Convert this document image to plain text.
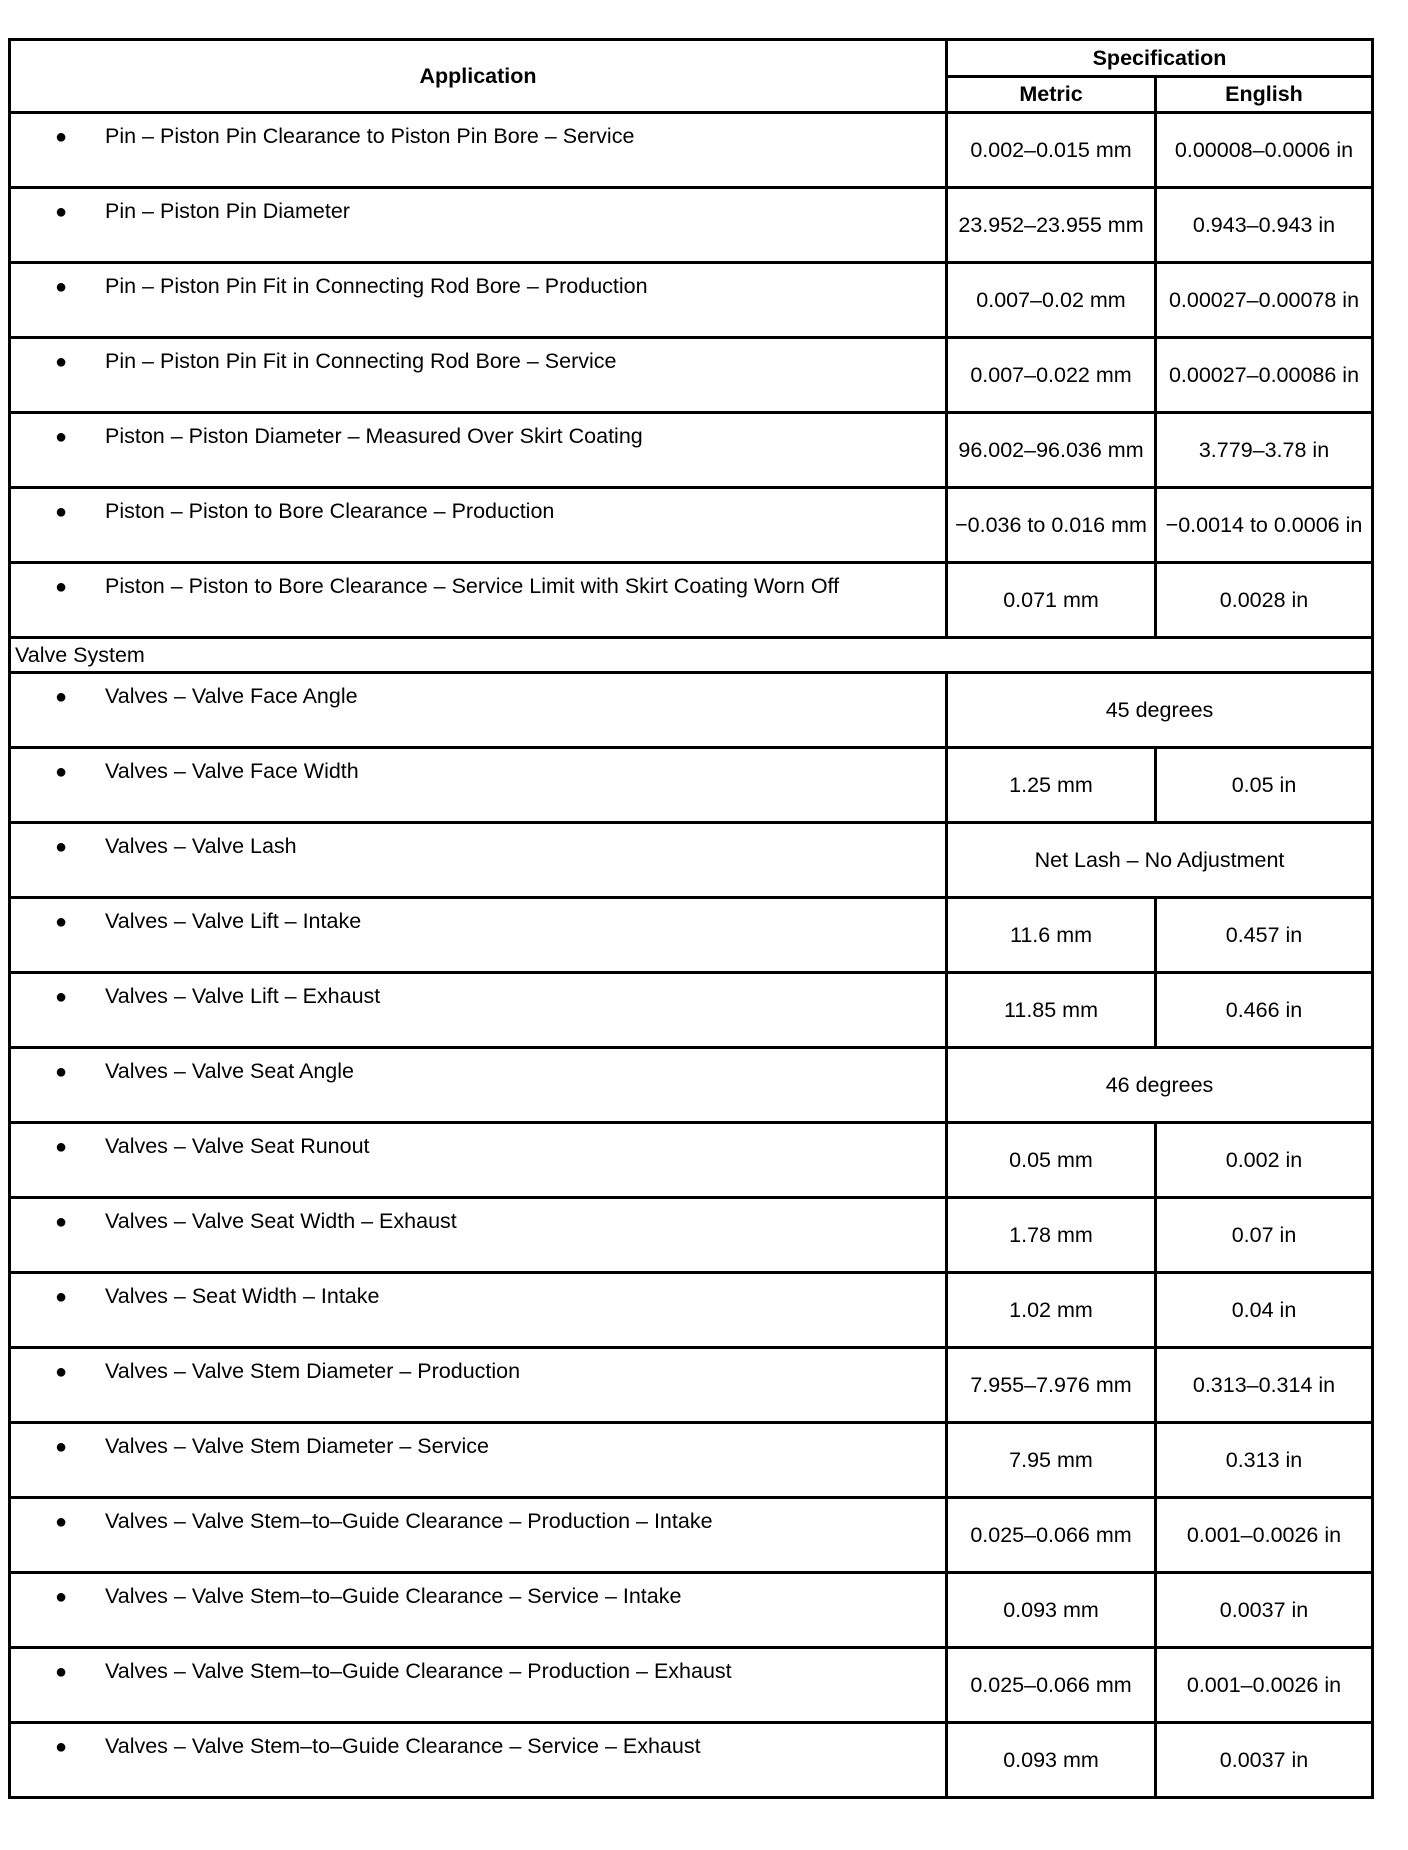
Application	Specification	
	Metric	English

● Pin – Piston Pin Clearance to Piston Pin Bore – Service	0.002–0.015 mm	0.00008–0.0006 in

● Pin – Piston Pin Diameter	23.952–23.955 mm	0.943–0.943 in

● Pin – Piston Pin Fit in Connecting Rod Bore – Production	0.007–0.02 mm	0.00027–0.00078 in

● Pin – Piston Pin Fit in Connecting Rod Bore – Service	0.007–0.022 mm	0.00027–0.00086 in

● Piston – Piston Diameter – Measured Over Skirt Coating	96.002–96.036 mm	3.779–3.78 in

● Piston – Piston to Bore Clearance – Production	−0.036 to 0.016 mm	−0.0014 to 0.0006 in

● Piston – Piston to Bore Clearance – Service Limit with Skirt Coating Worn Off	0.071 mm	0.0028 in
Valve System		

● Valves – Valve Face Angle	45 degrees	

● Valves – Valve Face Width	1.25 mm	0.05 in

● Valves – Valve Lash	Net Lash – No Adjustment	

● Valves – Valve Lift – Intake	11.6 mm	0.457 in

● Valves – Valve Lift – Exhaust	11.85 mm	0.466 in

● Valves – Valve Seat Angle	46 degrees	

● Valves – Valve Seat Runout	0.05 mm	0.002 in

● Valves – Valve Seat Width – Exhaust	1.78 mm	0.07 in

● Valves – Seat Width – Intake	1.02 mm	0.04 in

● Valves – Valve Stem Diameter – Production	7.955–7.976 mm	0.313–0.314 in

● Valves – Valve Stem Diameter – Service	7.95 mm	0.313 in

● Valves – Valve Stem–to–Guide Clearance – Production – Intake	0.025–0.066 mm	0.001–0.0026 in

● Valves – Valve Stem–to–Guide Clearance – Service – Intake	0.093 mm	0.0037 in

● Valves – Valve Stem–to–Guide Clearance – Production – Exhaust	0.025–0.066 mm	0.001–0.0026 in

● Valves – Valve Stem–to–Guide Clearance – Service – Exhaust	0.093 mm	0.0037 in
